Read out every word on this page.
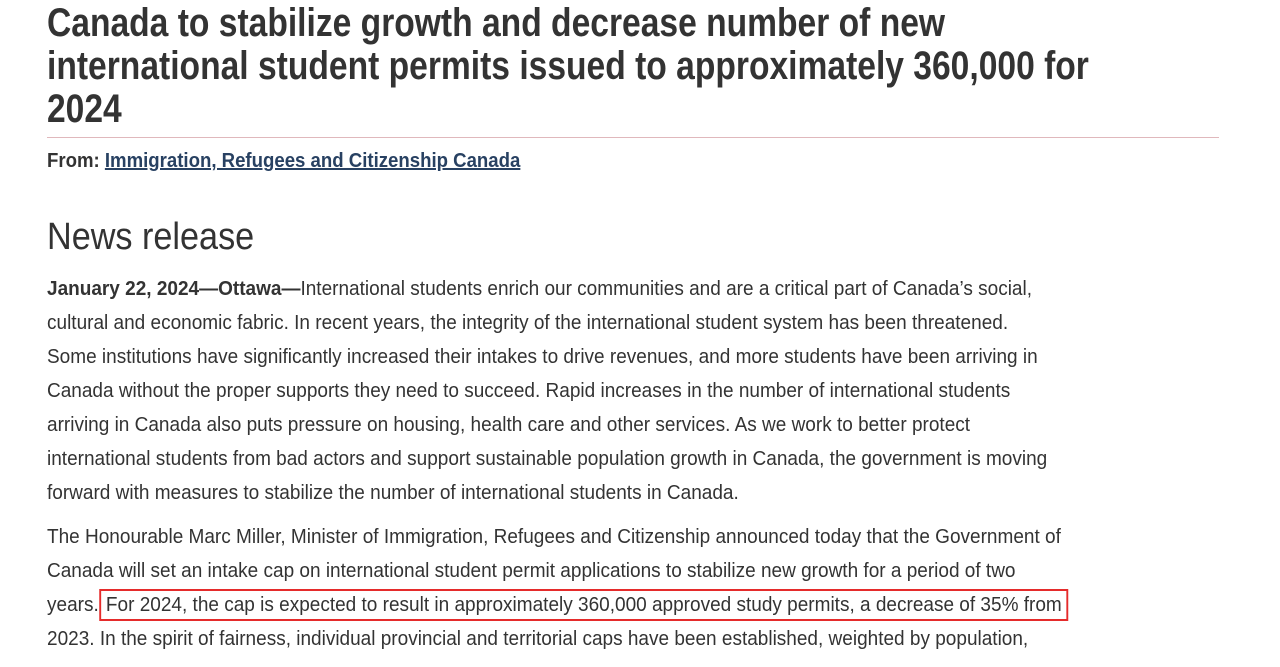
Canada to stabilize growth and decrease number of new
international student permits issued to approximately 360,000 for
2024
From: Immigration, Refugees and Citizenship Canada
News release
January 22, 2024—Ottawa—International students enrich our communities and are a critical part of Canada’s social,
cultural and economic fabric. In recent years, the integrity of the international student system has been threatened.
Some institutions have significantly increased their intakes to drive revenues, and more students have been arriving in
Canada without the proper supports they need to succeed. Rapid increases in the number of international students
arriving in Canada also puts pressure on housing, health care and other services. As we work to better protect
international students from bad actors and support sustainable population growth in Canada, the government is moving
forward with measures to stabilize the number of international students in Canada.
The Honourable Marc Miller, Minister of Immigration, Refugees and Citizenship announced today that the Government of
Canada will set an intake cap on international student permit applications to stabilize new growth for a period of two
years. For 2024, the cap is expected to result in approximately 360,000 approved study permits, a decrease of 35% from
2023. In the spirit of fairness, individual provincial and territorial caps have been established, weighted by population,
